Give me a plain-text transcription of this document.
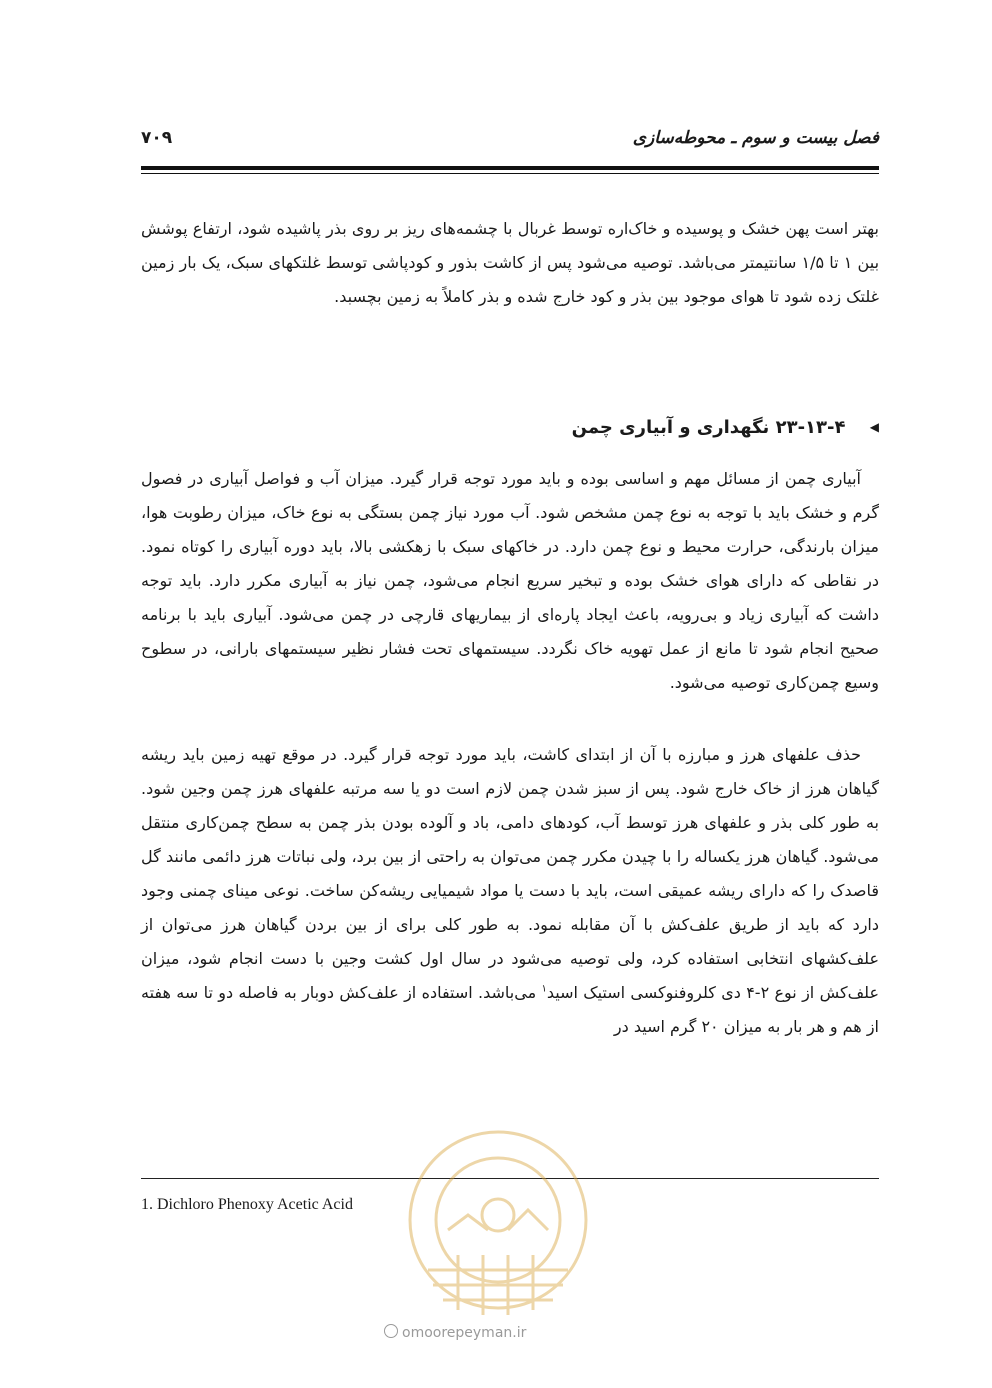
فصل بیست و سوم ـ محوطه‌سازی
۷۰۹
بهتر است پهن خشک و پوسیده و خاک‌اره توسط غربال با چشمه‌های ریز بر روی بذر پاشیده شود، ارتفاع پوشش بین ۱ تا ۱/۵ سانتیمتر می‌باشد. توصیه می‌شود پس از کاشت بذور و کودپاشی توسط غلتکهای سبک، یک بار زمین غلتک زده شود تا هوای موجود بین بذر و کود خارج شده و بذر کاملاً به زمین بچسبد.
◀ ۲۳-۱۳-۴ نگهداری و آبیاری چمن
آبیاری چمن از مسائل مهم و اساسی بوده و باید مورد توجه قرار گیرد. میزان آب و فواصل آبیاری در فصول گرم و خشک باید با توجه به نوع چمن مشخص شود. آب مورد نیاز چمن بستگی به نوع خاک، میزان رطوبت هوا، میزان بارندگی، حرارت محیط و نوع چمن دارد. در خاکهای سبک با زهکشی بالا، باید دوره آبیاری را کوتاه نمود. در نقاطی که دارای هوای خشک بوده و تبخیر سریع انجام می‌شود، چمن نیاز به آبیاری مکرر دارد. باید توجه داشت که آبیاری زیاد و بی‌رویه، باعث ایجاد پاره‌ای از بیماریهای قارچی در چمن می‌شود. آبیاری باید با برنامه صحیح انجام شود تا مانع از عمل تهویه خاک نگردد. سیستمهای تحت فشار نظیر سیستمهای بارانی، در سطوح وسیع چمن‌کاری توصیه می‌شود.
حذف علفهای هرز و مبارزه با آن از ابتدای کاشت، باید مورد توجه قرار گیرد. در موقع تهیه زمین باید ریشه گیاهان هرز از خاک خارج شود. پس از سبز شدن چمن لازم است دو یا سه مرتبه علفهای هرز چمن وجین شود. به طور کلی بذر و علفهای هرز توسط آب، کودهای دامی، باد و آلوده بودن بذر چمن به سطح چمن‌کاری منتقل می‌شود. گیاهان هرز یکساله را با چیدن مکرر چمن می‌توان به راحتی از بین برد، ولی نباتات هرز دائمی مانند گل قاصدک را که دارای ریشه عمیقی است، باید با دست یا مواد شیمیایی ریشه‌کن ساخت. نوعی مینای چمنی وجود دارد که باید از طریق علف‌کش با آن مقابله نمود. به طور کلی برای از بین بردن گیاهان هرز می‌توان از علف‌کشهای انتخابی استفاده کرد، ولی توصیه می‌شود در سال اول کشت وجین با دست انجام شود، میزان علف‌کش از نوع ۲-۴ دی کلروفنوکسی استیک اسید$^۱$ می‌باشد. استفاده از علف‌کش دوبار به فاصله دو تا سه هفته از هم و هر بار به میزان ۲۰ گرم اسید در
1. Dichloro Phenoxy Acetic Acid
omoorepeyman.ir
